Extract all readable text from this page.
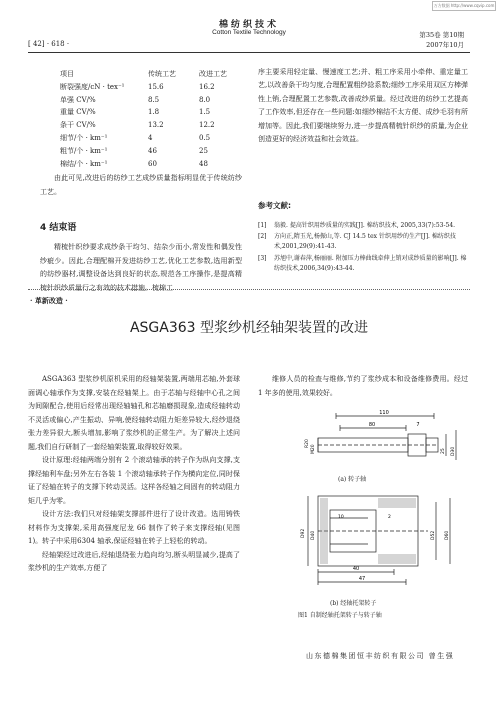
万方数据 http://www.cqvip.com
棉纺织技术
Cotton Textile Technology
[ 42] · 618 ·
第35卷 第10期
2007年10月
项目	传统工艺	改进工艺
断裂强度/cN · tex⁻¹	15.6	16.2
单强 CV/%	8.5	8.0
重量 CV/%	1.8	1.5
条干 CV/%	13.2	12.2
细节/个 · km⁻¹	4	0.5
粗节/个 · km⁻¹	46	25
棉结/个 · km⁻¹	60	48
由此可见,改进后的纺纱工艺成纱质量指标明显优于传统纺纱工艺。
4 结束语
精梳针织纱要求成纱条干均匀、结杂少而小,常发性和偶发性纱疵少。因此,合理配棉开发进纺纱工艺,优化工艺参数,选用新型的纺纱器材,调整设备达到良好的状态,规范各工序操作,是提高精梳针织纱质量行之有效的技术措施。梳棉工
序主要采用轻定量、慢速度工艺;并、粗工序采用小牵伸、重定量工艺,以改善条干均匀度,合理配置粗纱捻系数;细纱工序采用双区方棒弹性上销,合理配置工艺参数,改善成纱质量。经过改进的纺纱工艺提高了工作效率,但还存在一些问题:如细纱棉结不太方便、成纱毛羽有所增加等。因此,我们要继续努力,进一步提高精梳针织纱的质量,为企业创造更好的经济效益和社会效益。
参考文献:
[1]	翁毅. 提高针织用纱质量的实践[J]. 棉纺织技术, 2005,33(7):53-54.
[2]	方向正,隋玉光,杨振山,等. CJ 14.5 tex 针织用纱的生产[J]. 棉纺织技术,2001,29(9):41-43.
[3]	苏旭中,谢春萍,杨丽丽. 附加压力棒曲线牵伸上销对成纱质量的影响[J]. 棉纺织技术,2006,34(9):43-44.
· 革新改造 ·
ASGA363 型浆纱机经轴架装置的改进
ASGA363 型浆纱机原机采用的经轴架装置,两端用芯轴,外套球面调心轴承作为支撑,安装在经轴架上。由于芯轴与经轴中心孔之间为间隙配合,使用后经常出现经轴轴孔和芯轴磨损现象,造成经轴转动不灵活或偏心,产生振动、异响,使经轴转动阻力矩差异较大,经纱退绕张力差异很大,断头增加,影响了浆纱机的正常生产。为了解决上述问题,我们自行研制了一套经轴架装置,取得较好效果。
设计原理:经轴两端分别有 2 个滚动轴承的转子作为纵向支撑,支撑经轴利车盘;另外左右各装 1 个滚动轴承转子作为横向定位,同时保证了经轴在转子的支撑下转动灵活。这样各经轴之间固有的转动阻力矩几乎为零。
设计方法:我们只对经轴架支撑部件进行了设计改造。选用铸铁材料作为支撑架,采用高强度尼龙 66 制作了转子来支撑经轴(见图1)。转子中采用6304 轴承,保证经轴在转子上轻松的转动。
经轴架经过改进后,经轴退绕张力趋向均匀,断头明显减少,提高了浆纱机的生产效率,方便了
维修人员的检查与维修,节约了浆纱成本和设备维修费用。经过 1 年多的使用,效果较好。
110
80	7
R20
M20	25 D30
(a) 转子轴
D92 D40
10	2
D52 D60
40
47
(b) 经轴托架转子
图1 自制经轴托架转子与转子轴
山东德棉集团恒丰纺织有限公司 曾生强
